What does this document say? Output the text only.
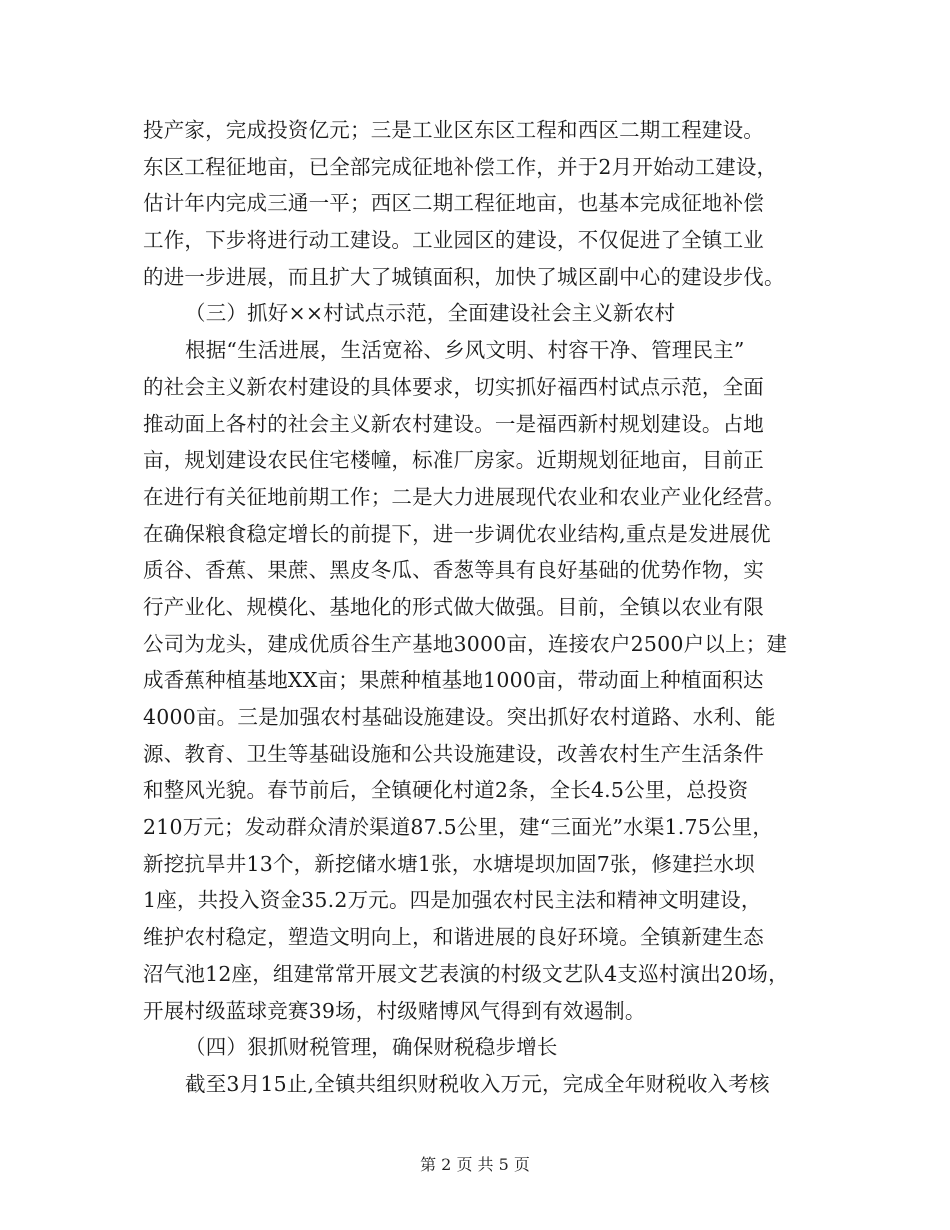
投产家，完成投资亿元；三是工业区东区工程和西区二期工程建设。
东区工程征地亩，已全部完成征地补偿工作，并于2月开始动工建设，
估计年内完成三通一平；西区二期工程征地亩，也基本完成征地补偿
工作，下步将进行动工建设。工业园区的建设，不仅促进了全镇工业
的进一步进展，而且扩大了城镇面积，加快了城区副中心的建设步伐。
（三）抓好××村试点示范，全面建设社会主义新农村
根据“生活进展，生活宽裕、乡风文明、村容干净、管理民主”
的社会主义新农村建设的具体要求，切实抓好福西村试点示范，全面
推动面上各村的社会主义新农村建设。一是福西新村规划建设。占地
亩，规划建设农民住宅楼幢，标准厂房家。近期规划征地亩，目前正
在进行有关征地前期工作；二是大力进展现代农业和农业产业化经营。
在确保粮食稳定增长的前提下，进一步调优农业结构,重点是发进展优
质谷、香蕉、果蔗、黑皮冬瓜、香葱等具有良好基础的优势作物，实
行产业化、规模化、基地化的形式做大做强。目前，全镇以农业有限
公司为龙头，建成优质谷生产基地3000亩，连接农户2500户以上；建
成香蕉种植基地XX亩；果蔗种植基地1000亩，带动面上种植面积达
4000亩。三是加强农村基础设施建设。突出抓好农村道路、水利、能
源、教育、卫生等基础设施和公共设施建设，改善农村生产生活条件
和整风光貌。春节前后，全镇硬化村道2条，全长4.5公里，总投资
210万元；发动群众清於渠道87.5公里，建“三面光”水渠1.75公里，
新挖抗旱井13个，新挖储水塘1张，水塘堤坝加固7张，修建拦水坝
1座，共投入资金35.2万元。四是加强农村民主法和精神文明建设，
维护农村稳定，塑造文明向上，和谐进展的良好环境。全镇新建生态
沼气池12座，组建常常开展文艺表演的村级文艺队4支巡村演出20场，
开展村级蓝球竞赛39场，村级赌博风气得到有效遏制。
（四）狠抓财税管理，确保财税稳步增长
截至3月15止,全镇共组织财税收入万元，完成全年财税收入考核
第 2 页 共 5 页
